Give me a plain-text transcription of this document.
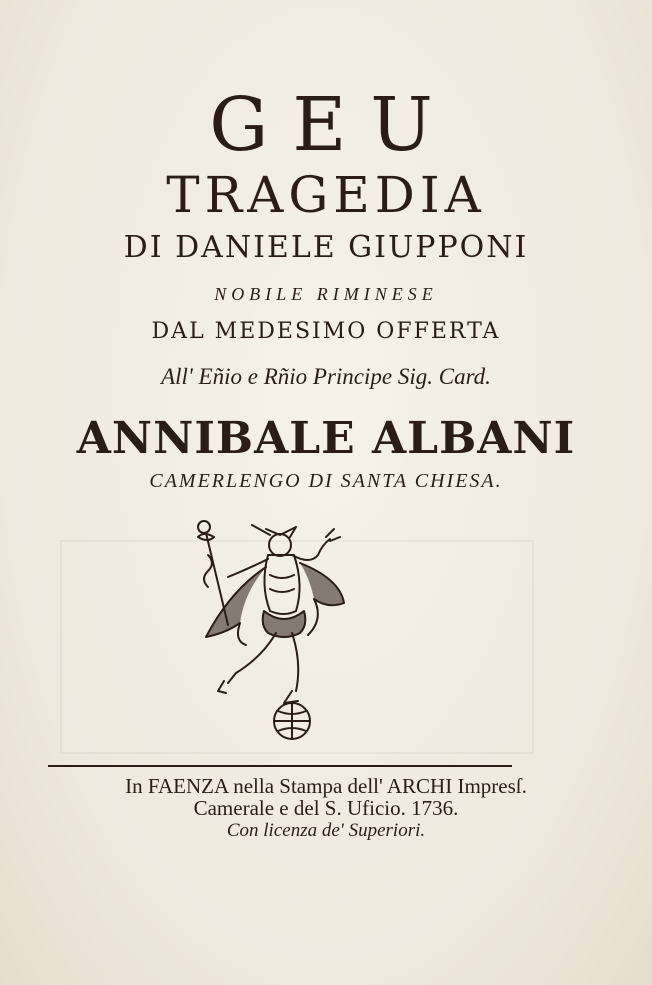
GEU
TRAGEDIA
DI DANIELE GIUPPONI
NOBILE RIMINESE
DAL MEDESIMO OFFERTA
All' Eñio e Rñio Principe Sig. Card.
ANNIBALE ALBANI
CAMERLENGO DI SANTA CHIESA.
In FAENZA nella Stampa dell' ARCHI Impresſ.
Camerale e del S. Uficio. 1736.
Con licenza de' Superiori.
